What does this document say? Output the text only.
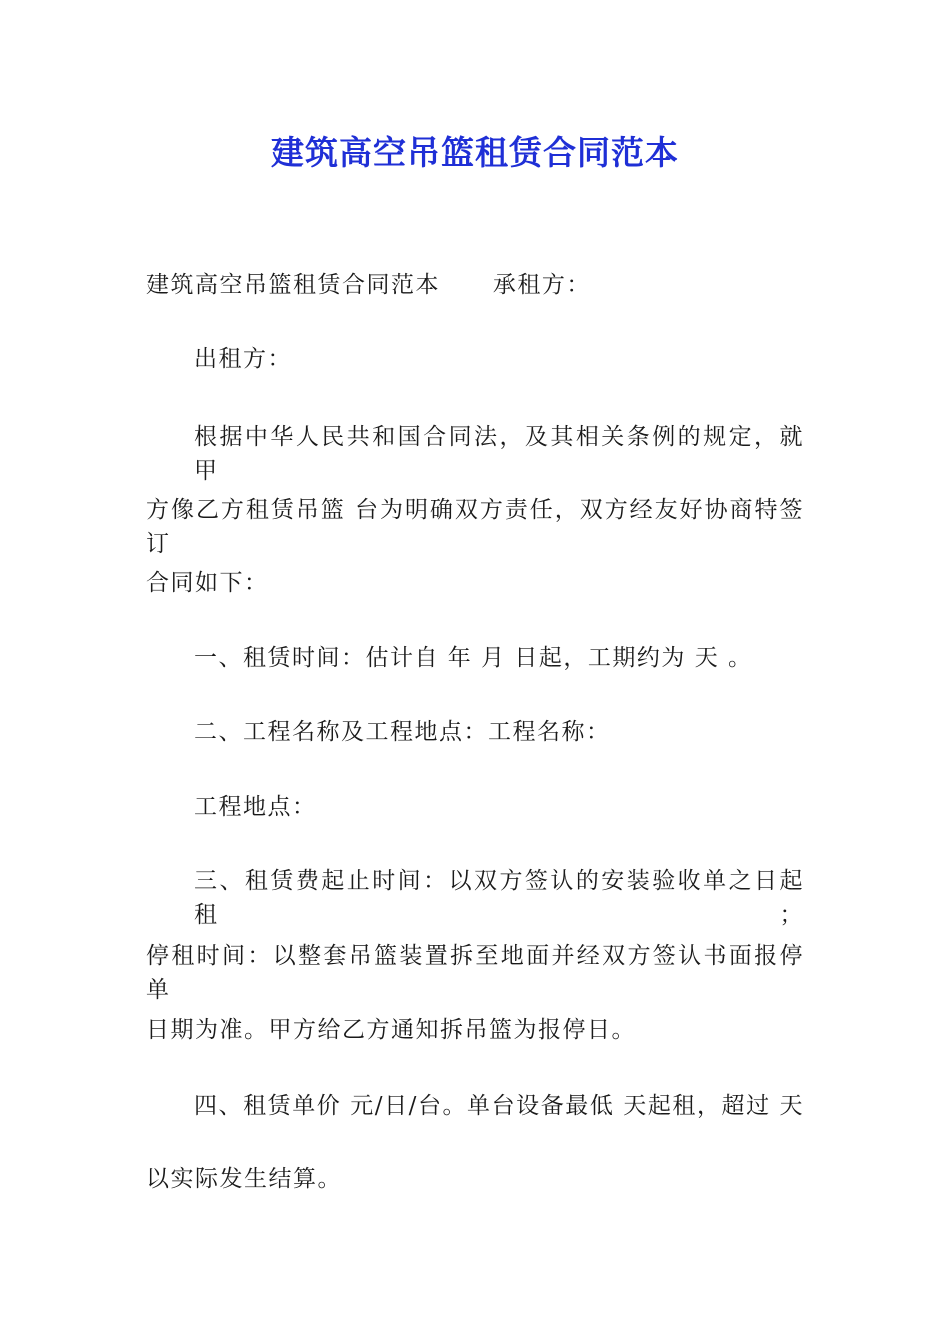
建筑高空吊篮租赁合同范本
建筑高空吊篮租赁合同范本      承租方：
出租方：
根据中华人民共和国合同法，及其相关条例的规定，就甲
方像乙方租赁吊篮 台为明确双方责任，双方经友好协商特签订
合同如下：
一、租赁时间：估计自 年 月 日起，工期约为 天 。
二、工程名称及工程地点：工程名称：
工程地点：
三、租赁费起止时间：以双方签认的安装验收单之日起租；
停租时间：以整套吊篮装置拆至地面并经双方签认书面报停单
日期为准。甲方给乙方通知拆吊篮为报停日。
四、租赁单价 元/日/台。单台设备最低 天起租，超过 天
以实际发生结算。
